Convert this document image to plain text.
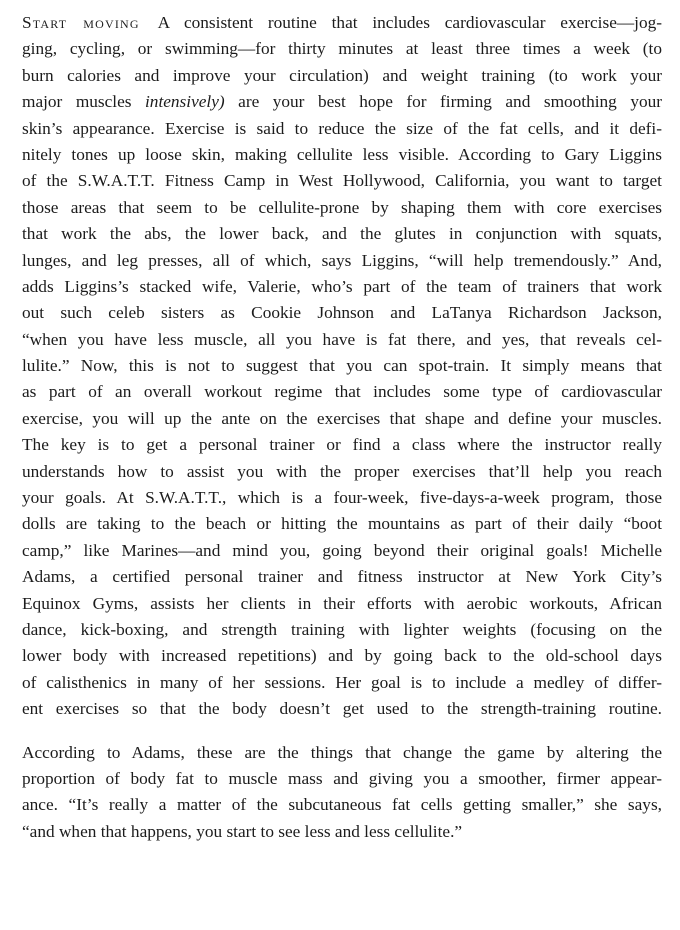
Start moving A consistent routine that includes cardiovascular exercise—jog-
ging, cycling, or swimming—for thirty minutes at least three times a week (to
burn calories and improve your circulation) and weight training (to work your
major muscles intensively) are your best hope for firming and smoothing your
skin’s appearance. Exercise is said to reduce the size of the fat cells, and it defi-
nitely tones up loose skin, making cellulite less visible. According to Gary Liggins
of the S.W.A.T.T. Fitness Camp in West Hollywood, California, you want to target
those areas that seem to be cellulite-prone by shaping them with core exercises
that work the abs, the lower back, and the glutes in conjunction with squats,
lunges, and leg presses, all of which, says Liggins, “will help tremendously.” And,
adds Liggins’s stacked wife, Valerie, who’s part of the team of trainers that work
out such celeb sisters as Cookie Johnson and LaTanya Richardson Jackson,
“when you have less muscle, all you have is fat there, and yes, that reveals cel-
lulite.” Now, this is not to suggest that you can spot-train. It simply means that
as part of an overall workout regime that includes some type of cardiovascular
exercise, you will up the ante on the exercises that shape and define your muscles.
The key is to get a personal trainer or find a class where the instructor really
understands how to assist you with the proper exercises that’ll help you reach
your goals. At S.W.A.T.T., which is a four-week, five-days-a-week program, those
dolls are taking to the beach or hitting the mountains as part of their daily “boot
camp,” like Marines—and mind you, going beyond their original goals! Michelle
Adams, a certified personal trainer and fitness instructor at New York City’s
Equinox Gyms, assists her clients in their efforts with aerobic workouts, African
dance, kick-boxing, and strength training with lighter weights (focusing on the
lower body with increased repetitions) and by going back to the old-school days
of calisthenics in many of her sessions. Her goal is to include a medley of differ-
ent exercises so that the body doesn’t get used to the strength-training routine.
According to Adams, these are the things that change the game by altering the
proportion of body fat to muscle mass and giving you a smoother, firmer appear-
ance. “It’s really a matter of the subcutaneous fat cells getting smaller,” she says,
“and when that happens, you start to see less and less cellulite.”
